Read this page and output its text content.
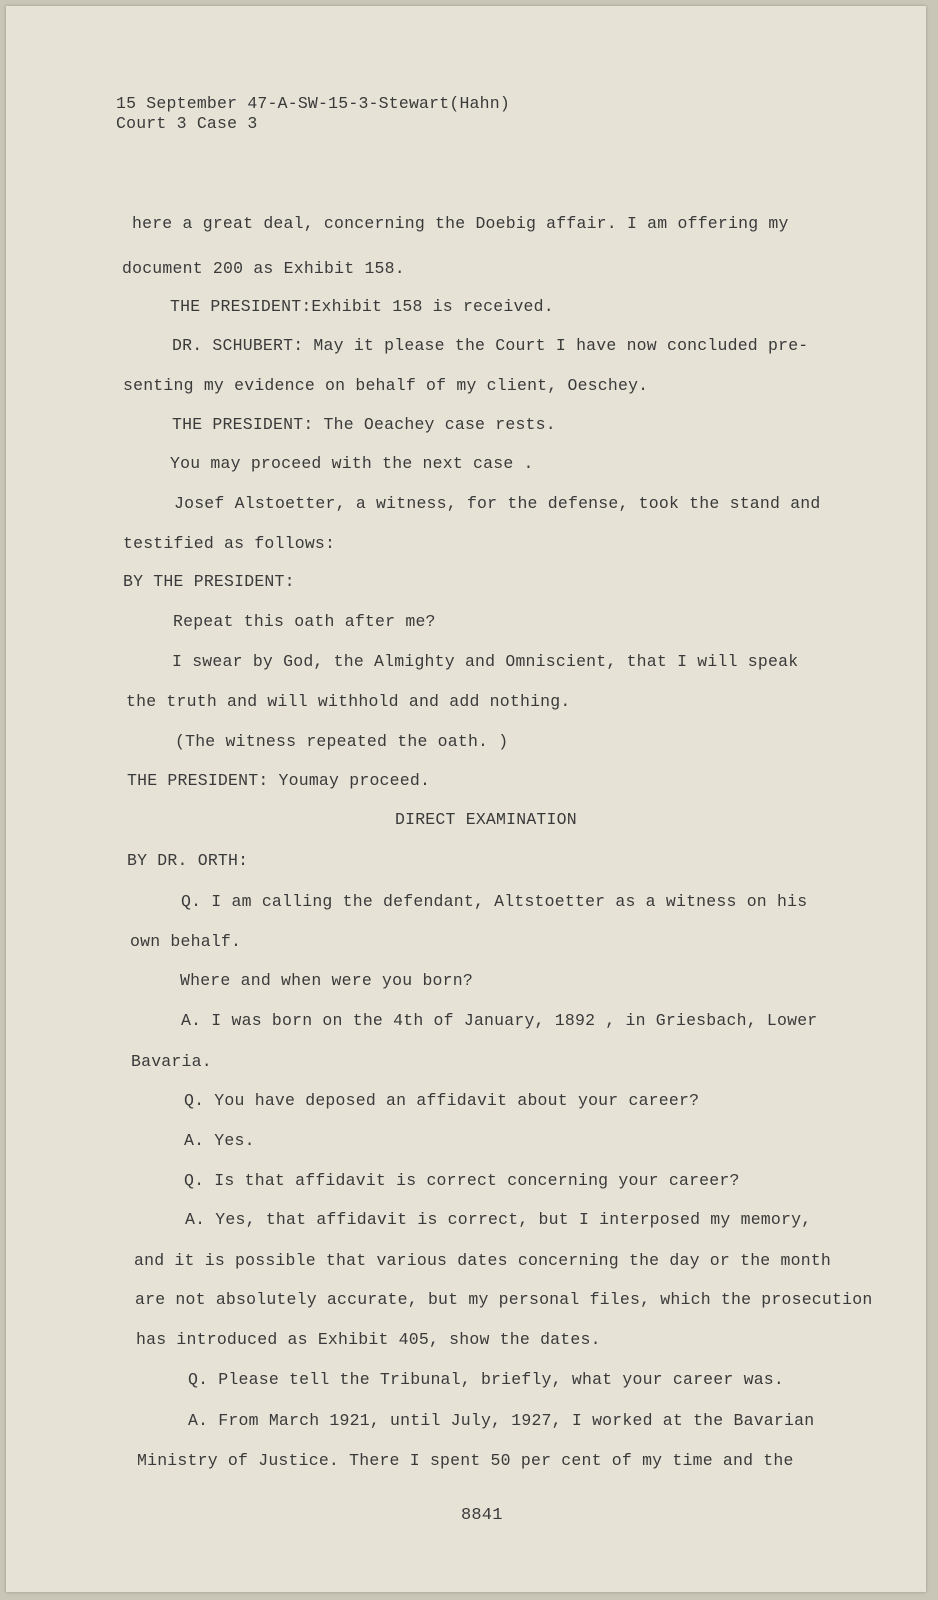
15 September 47-A-SW-15-3-Stewart(Hahn)
Court 3 Case 3
here a great deal, concerning the Doebig affair. I am offering my
document 200 as Exhibit 158.
THE PRESIDENT:Exhibit 158 is received.
DR. SCHUBERT: May it please the Court I have now concluded pre-
senting my evidence on behalf of my client, Oeschey.
THE PRESIDENT: The Oeachey case rests.
You may proceed with the next case .
Josef Alstoetter, a witness, for the defense, took the stand and
testified as follows:
BY THE PRESIDENT:
Repeat this oath after me?
I swear by God, the Almighty and Omniscient, that I will speak
the truth and will withhold and add nothing.
(The witness repeated the oath. )
THE PRESIDENT: Youmay proceed.
DIRECT EXAMINATION
BY DR. ORTH:
Q. I am calling the defendant, Altstoetter as a witness on his
own behalf.
Where and when were you born?
A. I was born on the 4th of January, 1892 , in Griesbach, Lower
Bavaria.
Q. You have deposed an affidavit about your career?
A. Yes.
Q. Is that affidavit is correct concerning your career?
A. Yes, that affidavit is correct, but I interposed my memory,
and it is possible that various dates concerning the day or the month
are not absolutely accurate, but my personal files, which the prosecution
has introduced as Exhibit 405, show the dates.
Q. Please tell the Tribunal, briefly, what your career was.
A. From March 1921, until July, 1927, I worked at the Bavarian
Ministry of Justice. There I spent 50 per cent of my time and the
8841
